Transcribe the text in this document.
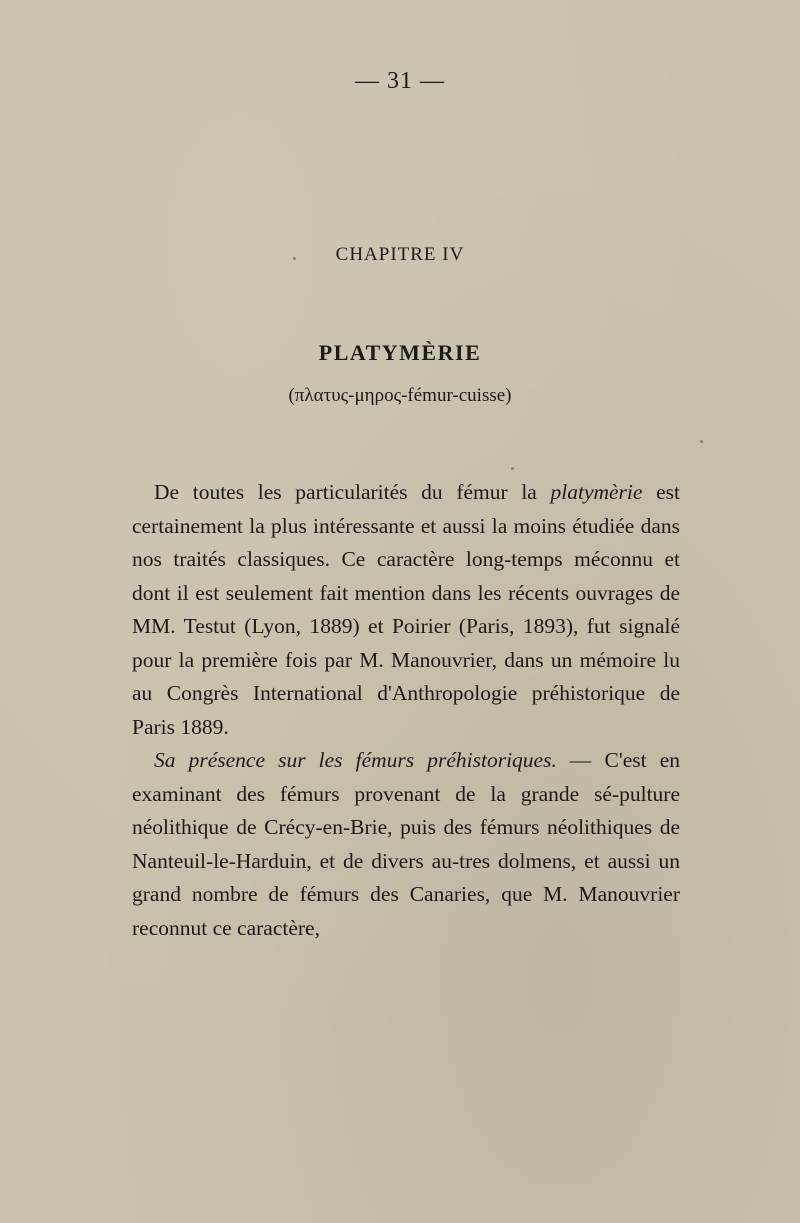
— 31 —
CHAPITRE IV
PLATYMÈRIE
(πλατυς-μηρος-fémur-cuisse)

De toutes les particularités du fémur la platymèrie est certainement la plus intéressante et aussi la moins étudiée dans nos traités classiques. Ce caractère long-temps méconnu et dont il est seulement fait mention dans les récents ouvrages de MM. Testut (Lyon, 1889) et Poirier (Paris, 1893), fut signalé pour la première fois par M. Manouvrier, dans un mémoire lu au Congrès International d'Anthropologie préhistorique de Paris 1889.

Sa présence sur les fémurs préhistoriques. — C'est en examinant des fémurs provenant de la grande sé-pulture néolithique de Crécy-en-Brie, puis des fémurs néolithiques de Nanteuil-le-Harduin, et de divers au-tres dolmens, et aussi un grand nombre de fémurs des Canaries, que M. Manouvrier reconnut ce caractère,
